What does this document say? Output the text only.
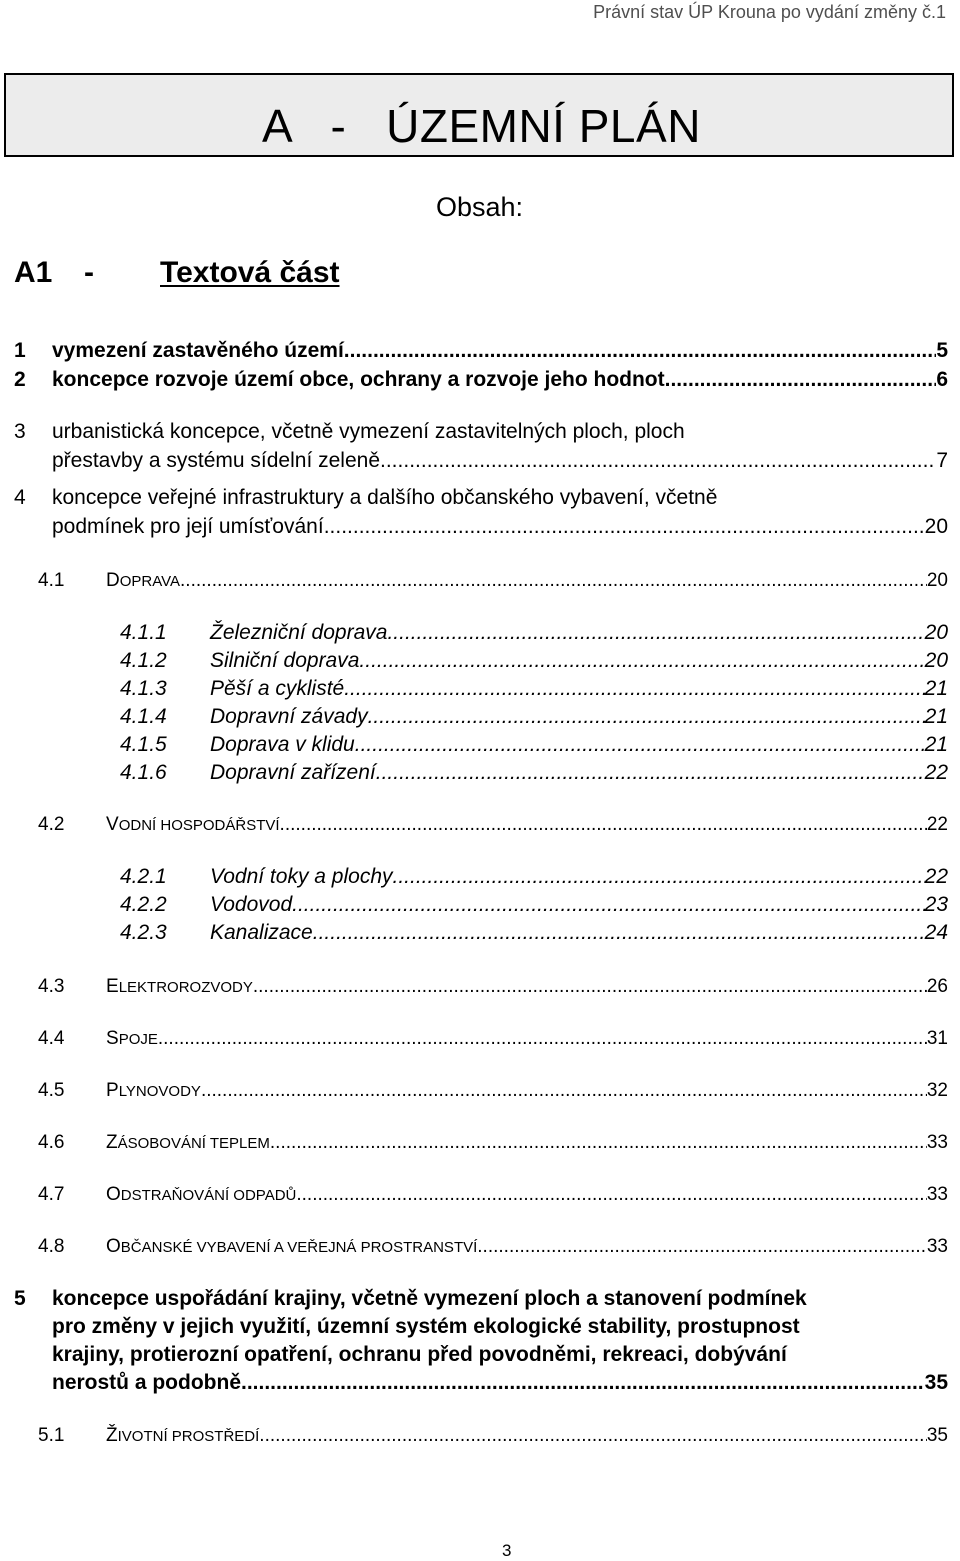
Právní stav ÚP Krouna po vydání změny č.1
A   -   ÚZEMNÍ PLÁN
Obsah:
A1 - Textová část
1 vymezení zastavěného území .....	5
2 koncepce rozvoje území obce, ochrany a rozvoje jeho hodnot .....	6
3 urbanistická koncepce, včetně vymezení zastavitelných ploch, ploch
přestavby a systému sídelní zeleně .....	7
4 koncepce veřejné infrastruktury a dalšího občanského vybavení, včetně
podmínek pro její umísťování .....	20
4.1 DOPRAVA .....	20
4.1.1 Železniční doprava .....	20
4.1.2 Silniční doprava .....	20
4.1.3 Pěší a cyklisté .....	21
4.1.4 Dopravní závady .....	21
4.1.5 Doprava v klidu .....	21
4.1.6 Dopravní zařízení .....	22
4.2 VODNÍ HOSPODÁŘSTVÍ .....	22
4.2.1 Vodní toky a plochy .....	22
4.2.2 Vodovod .....	23
4.2.3 Kanalizace .....	24
4.3 ELEKTROROZVODY .....	26
4.4 SPOJE .....	31
4.5 PLYNOVODY .....	32
4.6 ZÁSOBOVÁNÍ TEPLEM .....	33
4.7 ODSTRAŇOVÁNÍ ODPADŮ .....	33
4.8 OBČANSKÉ VYBAVENÍ A VEŘEJNÁ PROSTRANSTVÍ .....	33
5 koncepce uspořádání krajiny, včetně vymezení ploch a stanovení podmínek
pro změny v jejich využití, územní systém ekologické stability, prostupnost
krajiny, protierozní opatření, ochranu před povodněmi, rekreaci, dobývání
nerostů a podobně .....	35
5.1 ŽIVOTNÍ PROSTŘEDÍ .....	35
3
